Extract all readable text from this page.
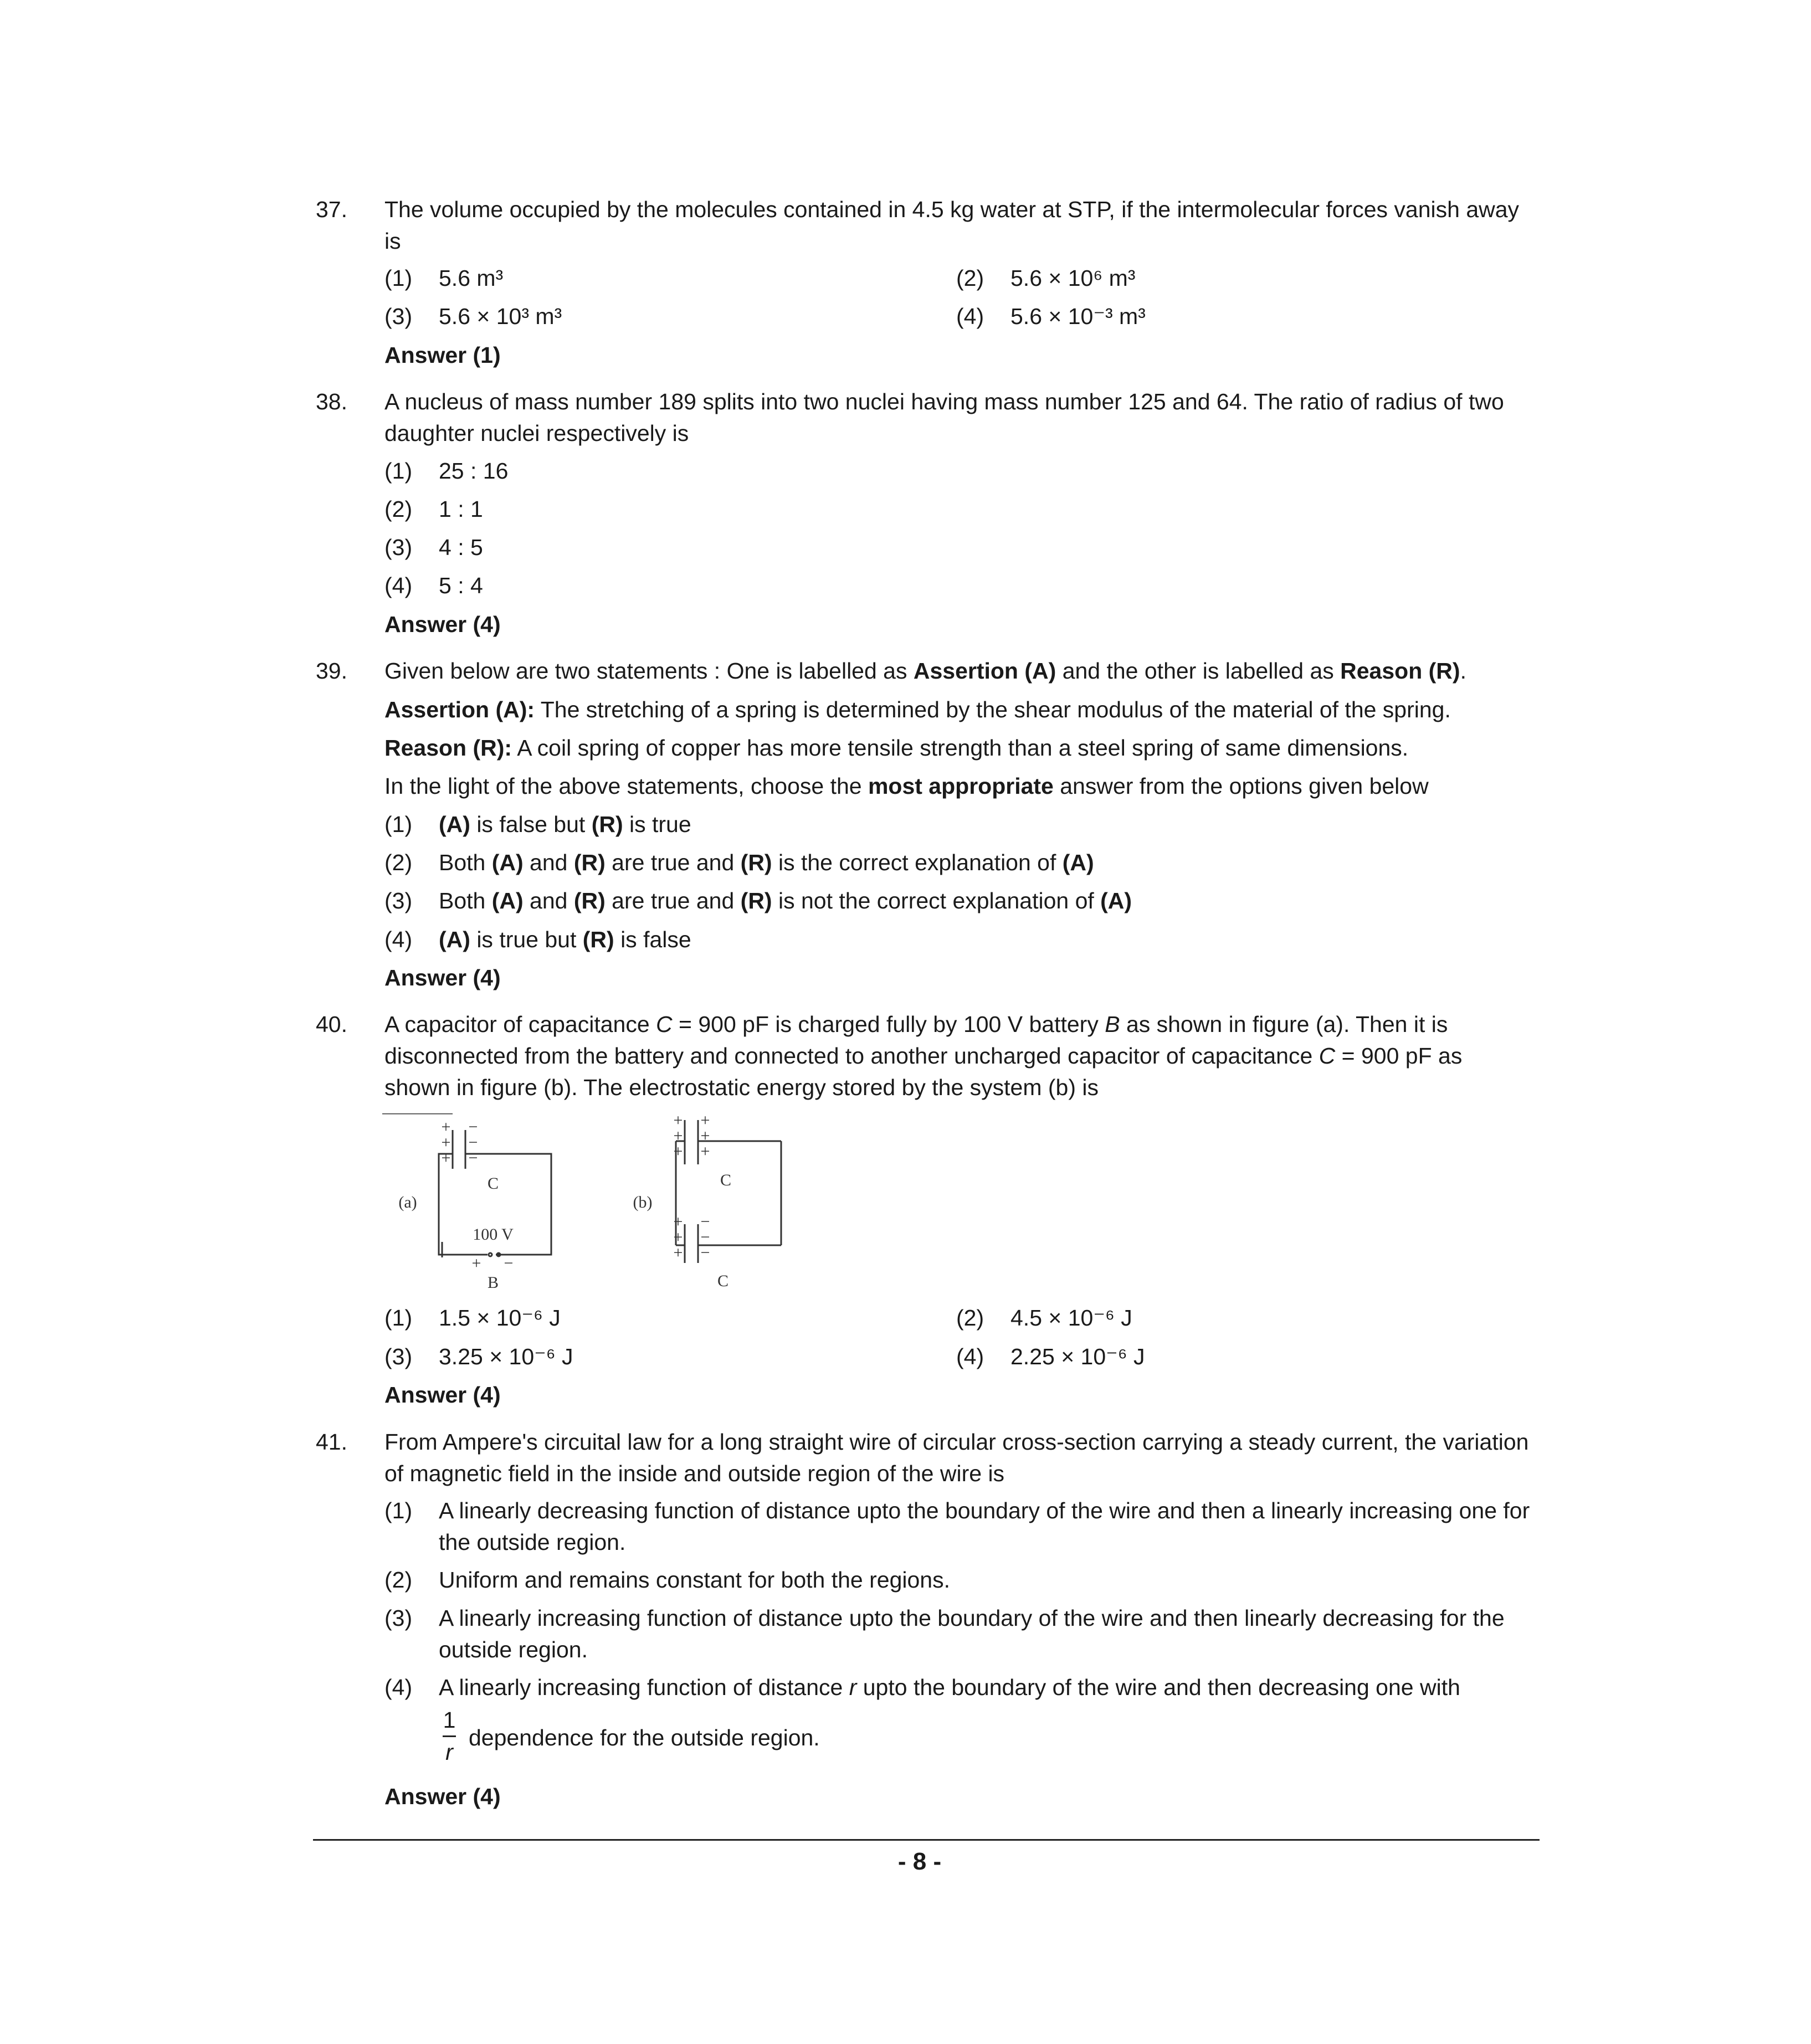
37. The volume occupied by the molecules contained in 4.5 kg water at STP, if the intermolecular forces vanish away is
(1) 5.6 m³	(2) 5.6 × 10⁶ m³
(3) 5.6 × 10³ m³	(4) 5.6 × 10⁻³ m³
Answer (1)
38. A nucleus of mass number 189 splits into two nuclei having mass number 125 and 64. The ratio of radius of two daughter nuclei respectively is
(1) 25 : 16
(2) 1 : 1
(3) 4 : 5
(4) 5 : 4
Answer (4)
39. Given below are two statements : One is labelled as Assertion (A) and the other is labelled as Reason (R).
Assertion (A): The stretching of a spring is determined by the shear modulus of the material of the spring.
Reason (R): A coil spring of copper has more tensile strength than a steel spring of same dimensions.
In the light of the above statements, choose the most appropriate answer from the options given below
(1) (A) is false but (R) is true
(2) Both (A) and (R) are true and (R) is the correct explanation of (A)
(3) Both (A) and (R) are true and (R) is not the correct explanation of (A)
(4) (A) is true but (R) is false
Answer (4)
40. A capacitor of capacitance C = 900 pF is charged fully by 100 V battery B as shown in figure (a). Then it is
disconnected from the battery and connected to another uncharged capacitor of capacitance C = 900 pF as
shown in figure (b). The electrostatic energy stored by the system (b) is
(a)
+
+
+
−
−
−
C
100 V
+ −
B
(b)
+
+
+
+
+
+
C
+
+
+
−
−
−
C
(1) 1.5 × 10⁻⁶ J	(2) 4.5 × 10⁻⁶ J
(3) 3.25 × 10⁻⁶ J	(4) 2.25 × 10⁻⁶ J
Answer (4)
41. From Ampere's circuital law for a long straight wire of circular cross-section carrying a steady current, the variation of magnetic field in the inside and outside region of the wire is
(1) A linearly decreasing function of distance upto the boundary of the wire and then a linearly increasing one for the outside region.
(2) Uniform and remains constant for both the regions.
(3) A linearly increasing function of distance upto the boundary of the wire and then linearly decreasing for the outside region.
(4) A linearly increasing function of distance r upto the boundary of the wire and then decreasing one with
1
r
dependence for the outside region.
Answer (4)
- 8 -
